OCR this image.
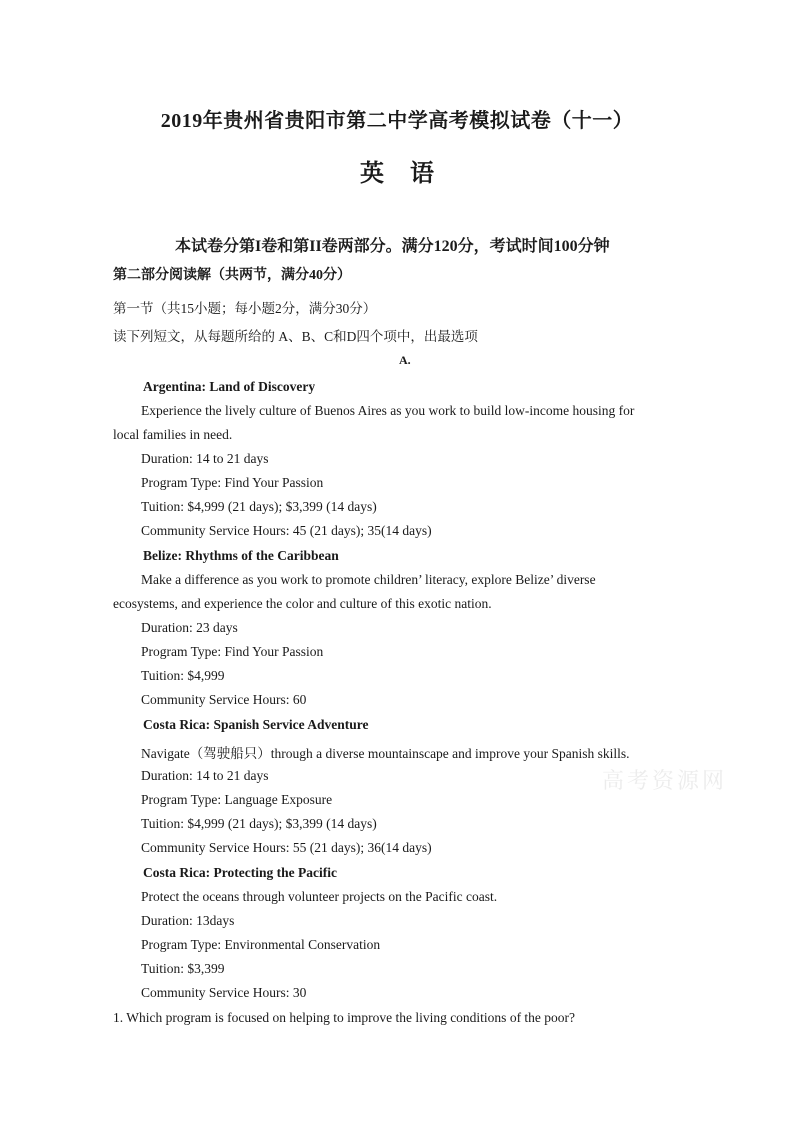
2019年贵州省贵阳市第二中学高考模拟试卷（十一）
英 语
本试卷分第I卷和第II卷两部分。满分120分，考试时间100分钟
第二部分阅读解（共两节，满分40分）
第一节（共15小题；每小题2分，满分30分）
读下列短文，从每题所给的 A、B、C和D四个项中，出最选项
A.
Argentina: Land of Discovery
Experience the lively culture of Buenos Aires as you work to build low-income housing for
local families in need.
Duration: 14 to 21 days
Program Type: Find Your Passion
Tuition: $4,999 (21 days); $3,399 (14 days)
Community Service Hours: 45 (21 days); 35(14 days)
Belize: Rhythms of the Caribbean
Make a difference as you work to promote children’ literacy, explore Belize’ diverse
ecosystems, and experience the color and culture of this exotic nation.
Duration: 23 days
Program Type: Find Your Passion
Tuition: $4,999
Community Service Hours: 60
Costa Rica: Spanish Service Adventure
Navigate（驾驶船只）through a diverse mountainscape and improve your Spanish skills.
Duration: 14 to 21 days
Program Type: Language Exposure
Tuition: $4,999 (21 days); $3,399 (14 days)
Community Service Hours: 55 (21 days); 36(14 days)
Costa Rica: Protecting the Pacific
Protect the oceans through volunteer projects on the Pacific coast.
Duration: 13days
Program Type: Environmental Conservation
Tuition: $3,399
Community Service Hours: 30
1. Which program is focused on helping to improve the living conditions of the poor?
高考资源网
